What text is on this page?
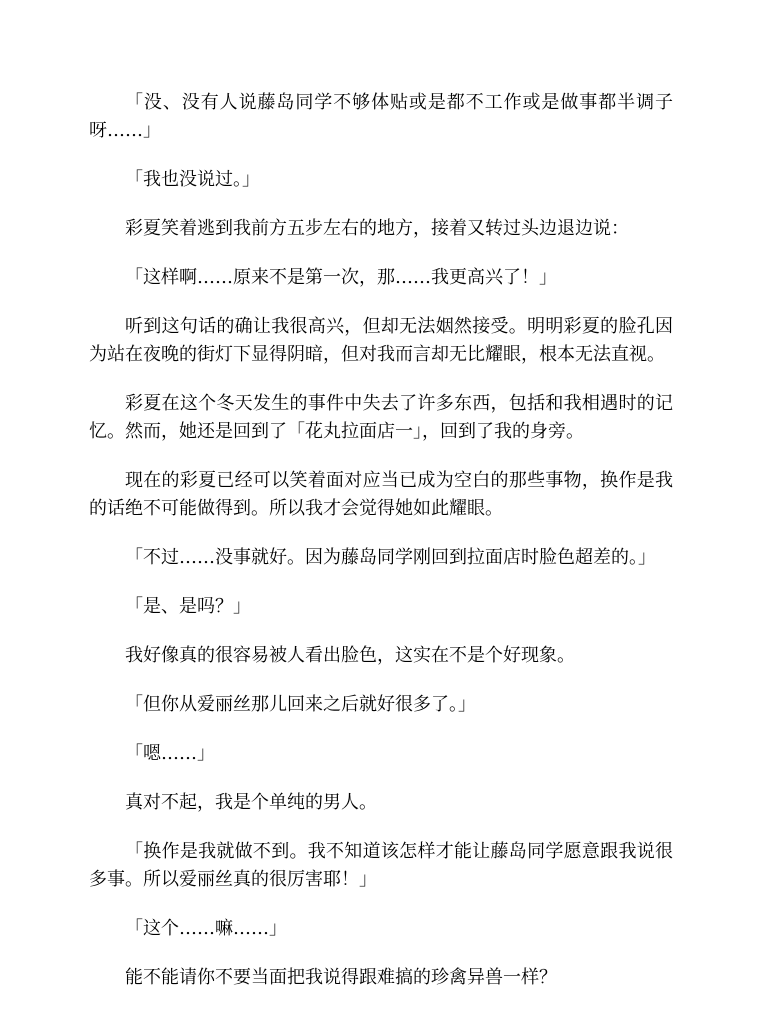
「没、没有人说藤岛同学不够体贴或是都不工作或是做事都半调子呀……」

「我也没说过。」

彩夏笑着逃到我前方五步左右的地方，接着又转过头边退边说：

「这样啊……原来不是第一次，那……我更高兴了！」

听到这句话的确让我很高兴，但却无法姻然接受。明明彩夏的脸孔因为站在夜晚的街灯下显得阴暗，但对我而言却无比耀眼，根本无法直视。

彩夏在这个冬天发生的事件中失去了许多东西，包括和我相遇时的记忆。然而，她还是回到了「花丸拉面店一」，回到了我的身旁。

现在的彩夏已经可以笑着面对应当已成为空白的那些事物，换作是我的话绝不可能做得到。所以我才会觉得她如此耀眼。

「不过……没事就好。因为藤岛同学刚回到拉面店时脸色超差的。」

「是、是吗？」

我好像真的很容易被人看出脸色，这实在不是个好现象。

「但你从爱丽丝那儿回来之后就好很多了。」

「嗯……」

真对不起，我是个单纯的男人。

「换作是我就做不到。我不知道该怎样才能让藤岛同学愿意跟我说很多事。所以爱丽丝真的很厉害耶！」

「这个……嘛……」

能不能请你不要当面把我说得跟难搞的珍禽异兽一样？
